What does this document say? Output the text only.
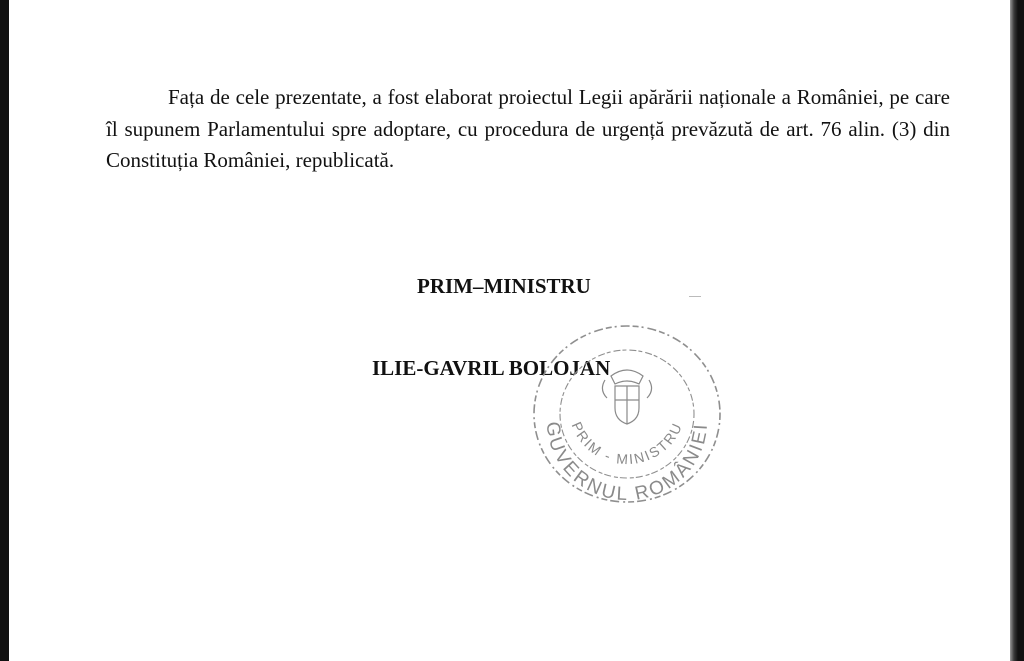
Fața de cele prezentate, a fost elaborat proiectul Legii apărării naționale a României, pe care îl supunem Parlamentului spre adoptare, cu procedura de urgență prevăzută de art. 76 alin. (3) din Constituția României, republicată.

PRIM–MINISTRU
ILIE-GAVRIL BOLOJAN
GUVERNUL ROMÂNIEI
PRIM - MINISTRU
